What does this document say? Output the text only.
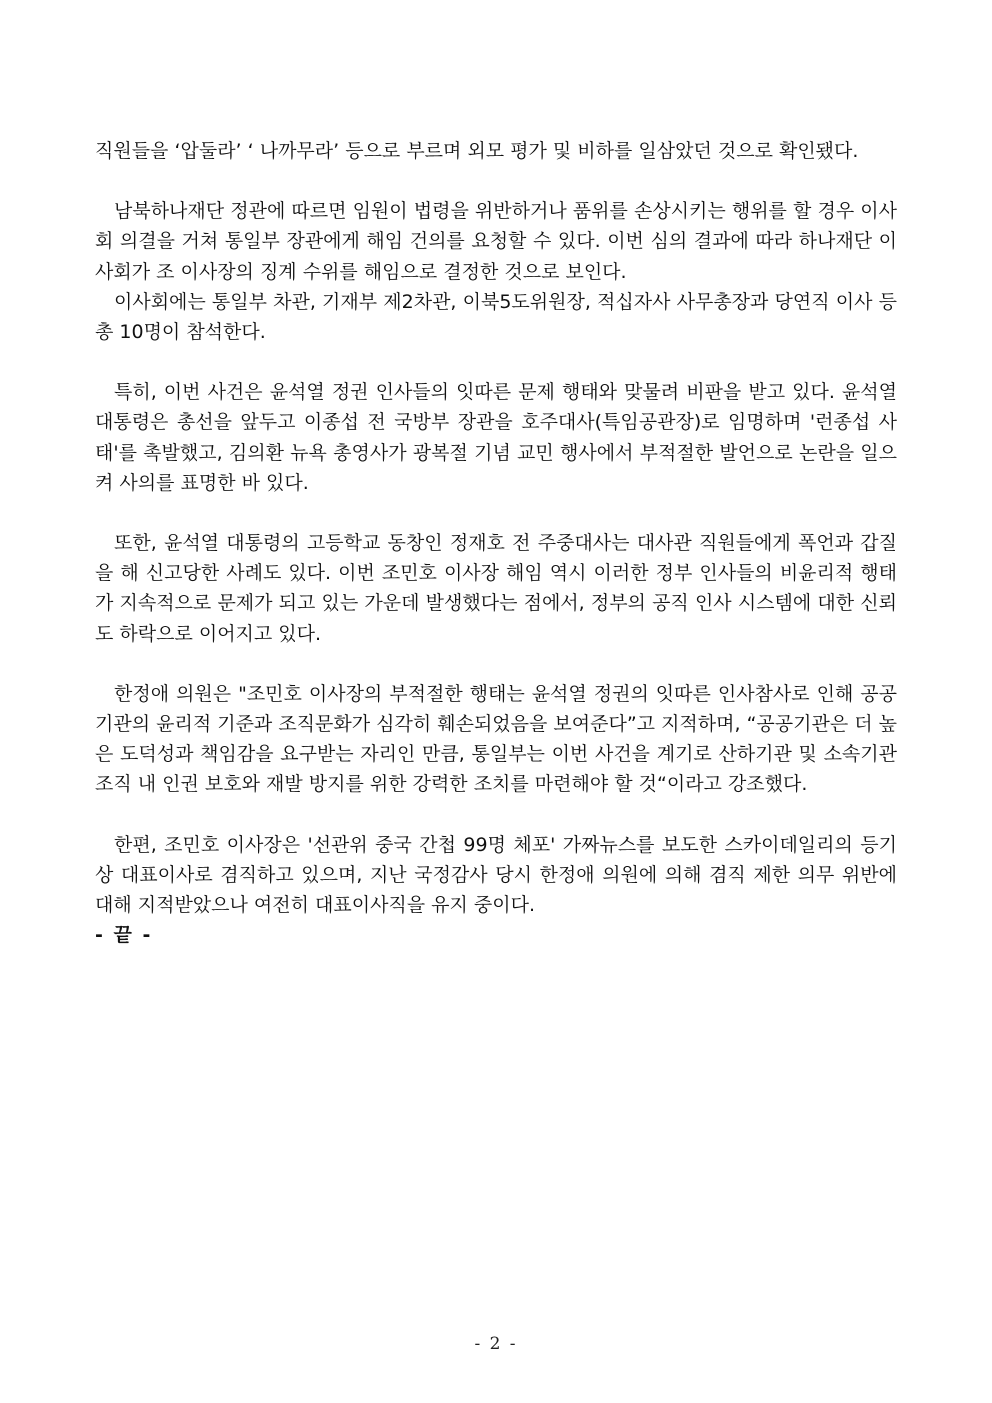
직원들을 ‘압둘라’ ‘ 나까무라’ 등으로 부르며 외모 평가 및 비하를 일삼았던 것으로 확인됐다.

남북하나재단 정관에 따르면 임원이 법령을 위반하거나 품위를 손상시키는 행위를 할 경우 이사회 의결을 거쳐 통일부 장관에게 해임 건의를 요청할 수 있다. 이번 심의 결과에 따라 하나재단 이사회가 조 이사장의 징계 수위를 해임으로 결정한 것으로 보인다.

이사회에는 통일부 차관, 기재부 제2차관, 이북5도위원장, 적십자사 사무총장과 당연직 이사 등 총 10명이 참석한다.

특히, 이번 사건은 윤석열 정권 인사들의 잇따른 문제 행태와 맞물려 비판을 받고 있다. 윤석열 대통령은 총선을 앞두고 이종섭 전 국방부 장관을 호주대사(특임공관장)로 임명하며 '런종섭 사태'를 촉발했고, 김의환 뉴욕 총영사가 광복절 기념 교민 행사에서 부적절한 발언으로 논란을 일으켜 사의를 표명한 바 있다.

또한, 윤석열 대통령의 고등학교 동창인 정재호 전 주중대사는 대사관 직원들에게 폭언과 갑질을 해 신고당한 사례도 있다. 이번 조민호 이사장 해임 역시 이러한 정부 인사들의 비윤리적 행태가 지속적으로 문제가 되고 있는 가운데 발생했다는 점에서, 정부의 공직 인사 시스템에 대한 신뢰도 하락으로 이어지고 있다.

한정애 의원은 "조민호 이사장의 부적절한 행태는 윤석열 정권의 잇따른 인사참사로 인해 공공기관의 윤리적 기준과 조직문화가 심각히 훼손되었음을 보여준다”고 지적하며, “공공기관은 더 높은 도덕성과 책임감을 요구받는 자리인 만큼, 통일부는 이번 사건을 계기로 산하기관 및 소속기관 조직 내 인권 보호와 재발 방지를 위한 강력한 조치를 마련해야 할 것“이라고 강조했다.

한편, 조민호 이사장은 '선관위 중국 간첩 99명 체포' 가짜뉴스를 보도한 스카이데일리의 등기상 대표이사로 겸직하고 있으며, 지난 국정감사 당시 한정애 의원에 의해 겸직 제한 의무 위반에 대해 지적받았으나 여전히 대표이사직을 유지 중이다.

- 끝 -

- 2 -
